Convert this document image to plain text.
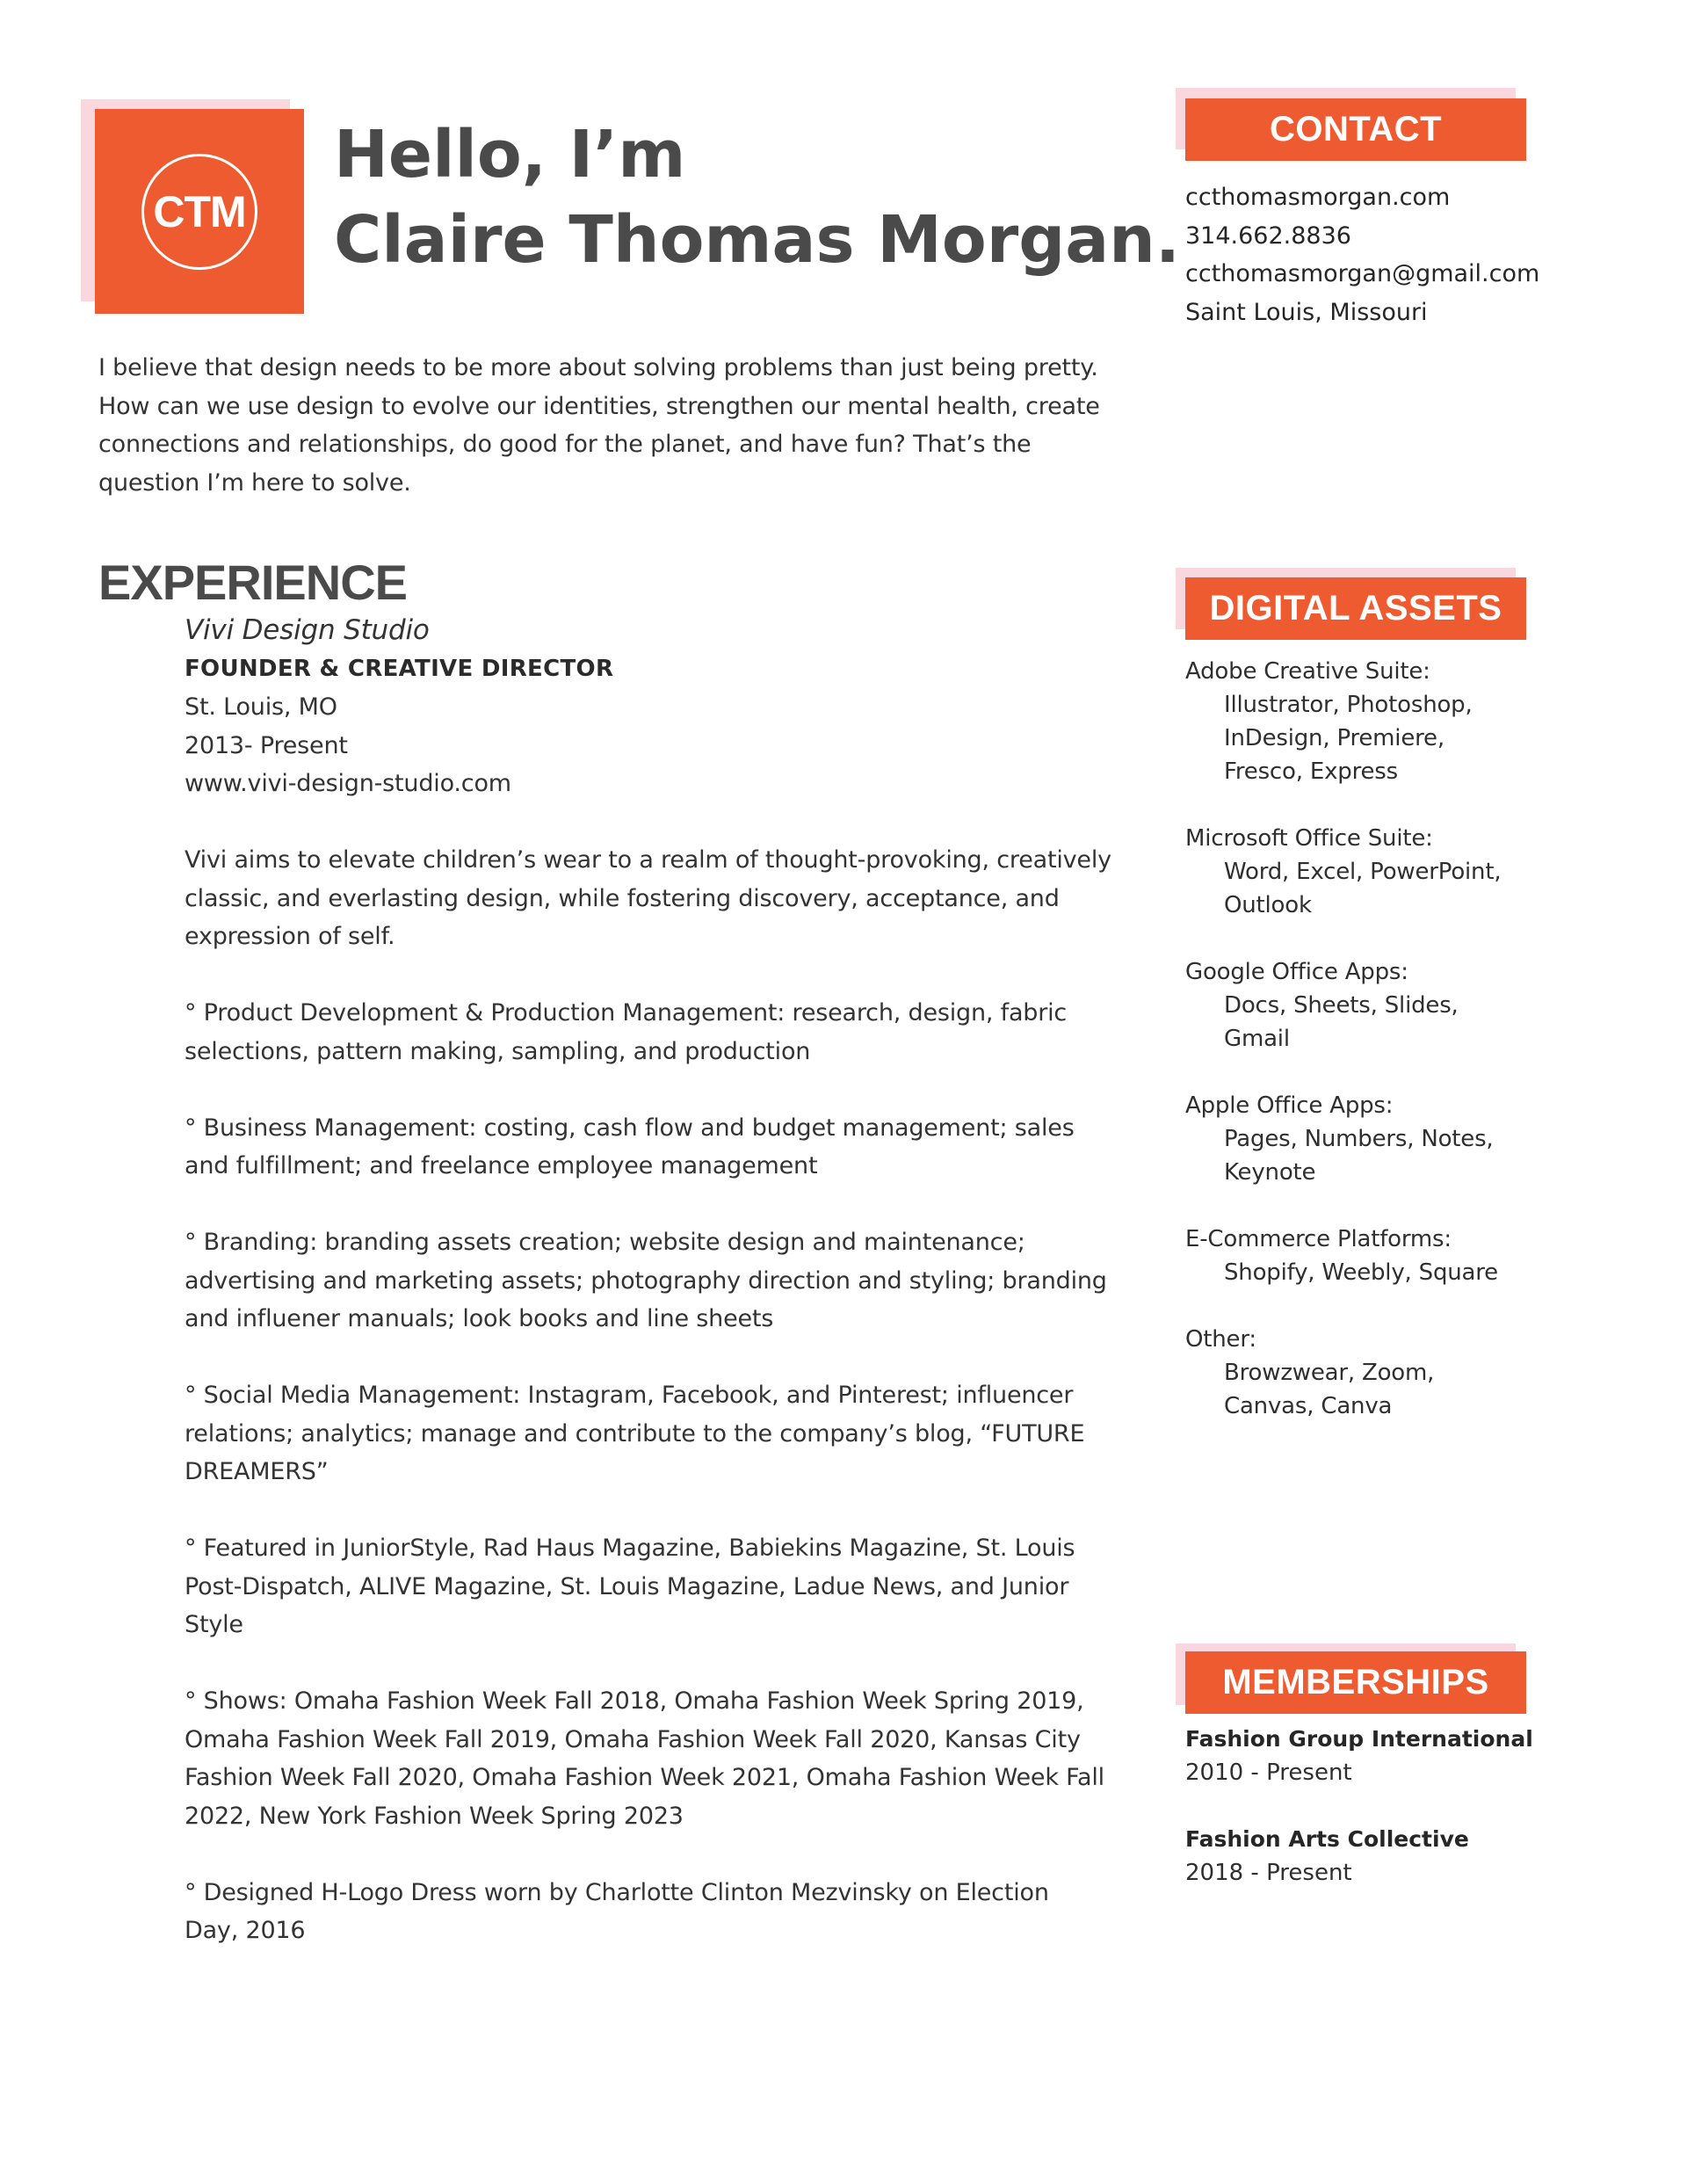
CTM
Hello, I’m
Claire Thomas Morgan.
I believe that design needs to be more about solving problems than just being pretty.
How can we use design to evolve our identities, strengthen our mental health, create
connections and relationships, do good for the planet, and have fun? That’s the
question I’m here to solve.
EXPERIENCE
Vivi Design Studio
FOUNDER & CREATIVE DIRECTOR
St. Louis, MO
2013- Present
www.vivi-design-studio.com
Vivi aims to elevate children’s wear to a realm of thought-provoking, creatively
classic, and everlasting design, while fostering discovery, acceptance, and
expression of self.
° Product Development & Production Management: research, design, fabric
selections, pattern making, sampling, and production
° Business Management: costing, cash flow and budget management; sales
and fulfillment; and freelance employee management
° Branding: branding assets creation; website design and maintenance;
advertising and marketing assets; photography direction and styling; branding
and influener manuals; look books and line sheets
° Social Media Management: Instagram, Facebook, and Pinterest; influencer
relations; analytics; manage and contribute to the company’s blog, “FUTURE
DREAMERS”
° Featured in JuniorStyle, Rad Haus Magazine, Babiekins Magazine, St. Louis
Post-Dispatch, ALIVE Magazine, St. Louis Magazine, Ladue News, and Junior
Style
° Shows: Omaha Fashion Week Fall 2018, Omaha Fashion Week Spring 2019,
Omaha Fashion Week Fall 2019, Omaha Fashion Week Fall 2020, Kansas City
Fashion Week Fall 2020, Omaha Fashion Week 2021, Omaha Fashion Week Fall
2022, New York Fashion Week Spring 2023
° Designed H-Logo Dress worn by Charlotte Clinton Mezvinsky on Election
Day, 2016
CONTACT
ccthomasmorgan.com
314.662.8836
ccthomasmorgan@gmail.com
Saint Louis, Missouri
DIGITAL ASSETS
Adobe Creative Suite:
Illustrator, Photoshop,
InDesign, Premiere,
Fresco, Express
Microsoft Office Suite:
Word, Excel, PowerPoint,
Outlook
Google Office Apps:
Docs, Sheets, Slides,
Gmail
Apple Office Apps:
Pages, Numbers, Notes,
Keynote
E-Commerce Platforms:
Shopify, Weebly, Square
Other:
Browzwear, Zoom,
Canvas, Canva
MEMBERSHIPS
Fashion Group International
2010 - Present
Fashion Arts Collective
2018 - Present
